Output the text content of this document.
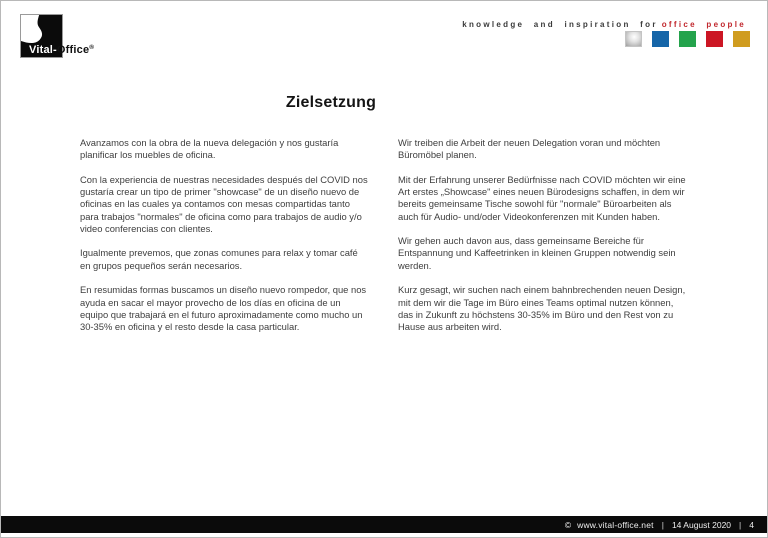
Vital-Office®
knowledge and inspiration for office people
Zielsetzung

Avanzamos con la obra de la nueva delegación y nos gustaría planificar los muebles de oficina.

Con la experiencia de nuestras necesidades después del COVID nos gustaría crear un tipo de primer "showcase" de un diseño nuevo de oficinas en las cuales ya contamos con mesas compartidas tanto para trabajos "normales" de oficina como para trabajos de audio y/o video conferencias con clientes.

Igualmente prevemos, que zonas comunes para relax y tomar café en grupos pequeños serán necesarios.

En resumidas formas buscamos un diseño nuevo rompedor, que nos ayuda en sacar el mayor provecho de los días en oficina de un equipo que trabajará en el futuro aproximadamente como mucho un 30-35% en oficina y el resto desde la casa particular.

Wir treiben die Arbeit der neuen Delegation voran und möchten Büromöbel planen.

Mit der Erfahrung unserer Bedürfnisse nach COVID möchten wir eine Art erstes „Showcase" eines neuen Bürodesigns schaffen, in dem wir bereits gemeinsame Tische sowohl für "normale" Büroarbeiten als auch für Audio- und/oder Videokonferenzen mit Kunden haben.

Wir gehen auch davon aus, dass gemeinsame Bereiche für Entspannung und Kaffeetrinken in kleinen Gruppen notwendig sein werden.

Kurz gesagt, wir suchen nach einem bahnbrechenden neuen Design, mit dem wir die Tage im Büro eines Teams optimal nutzen können, das in Zukunft zu höchstens 30-35% im Büro und den Rest von zu Hause aus arbeiten wird.

© www.vital-office.net | 14 August 2020 | 4
